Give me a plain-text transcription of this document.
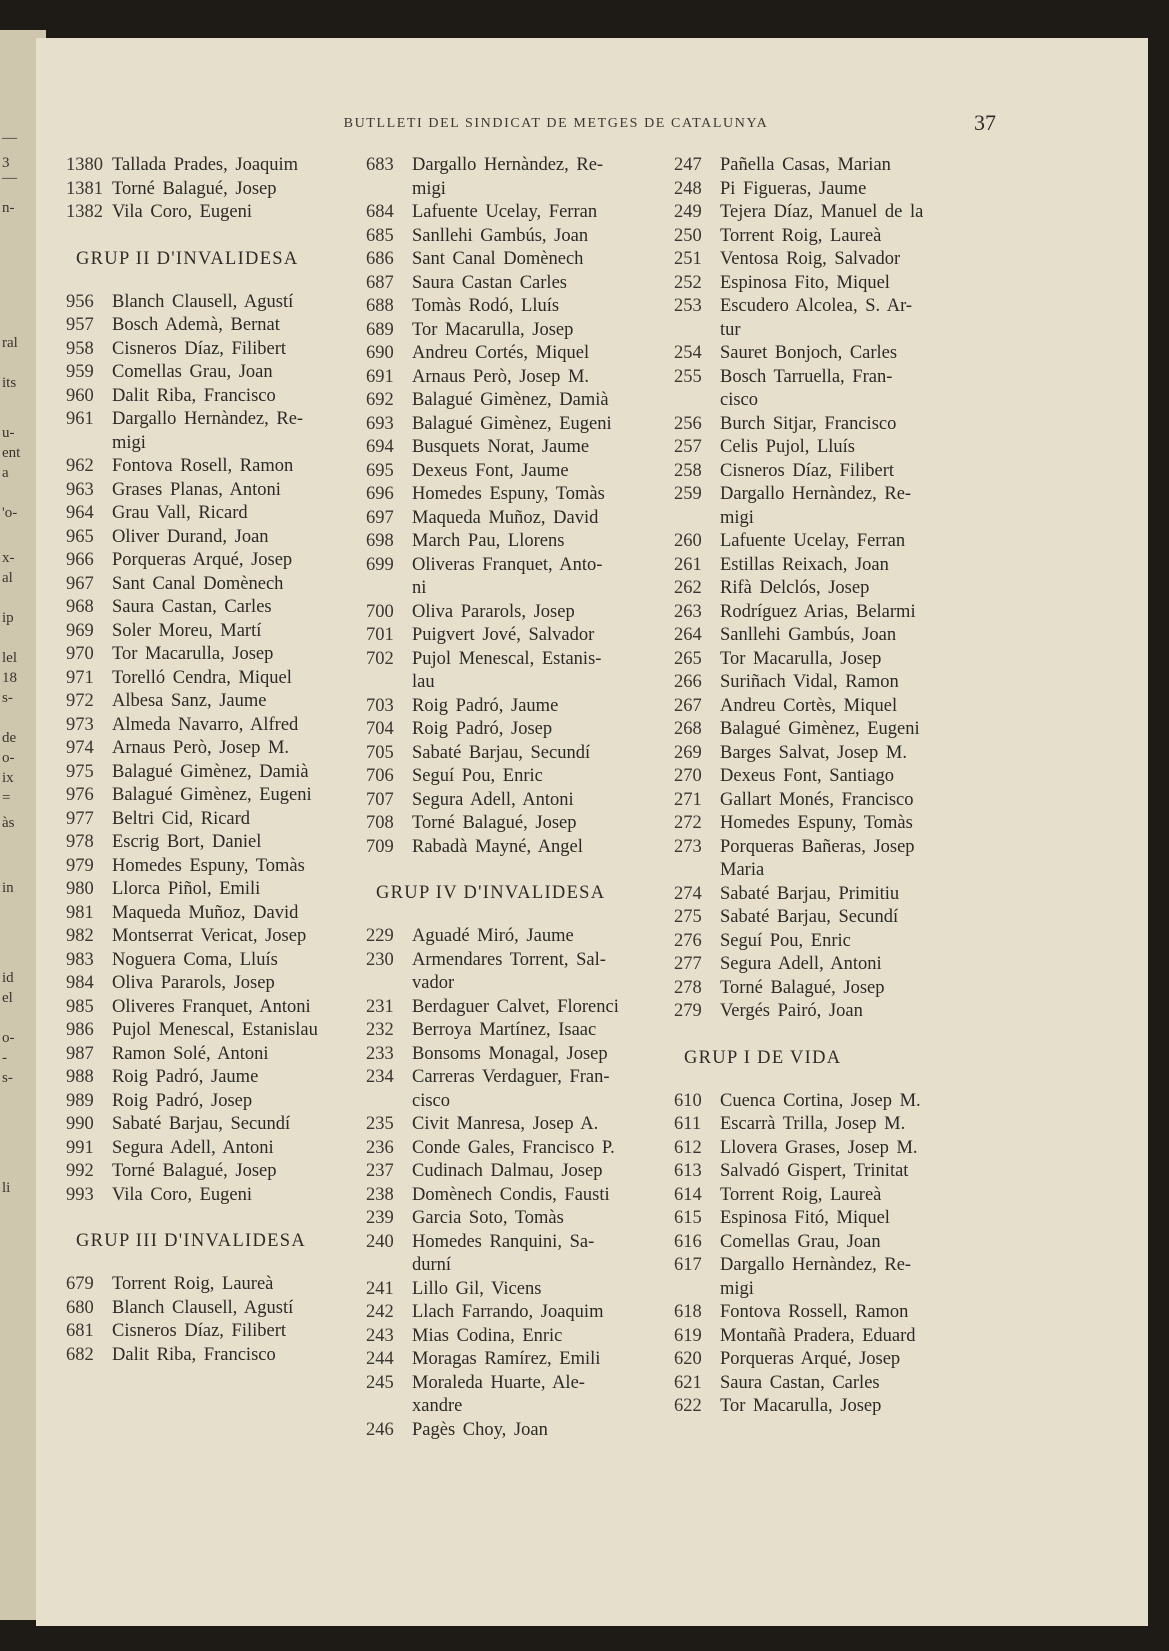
—
3
—
n-
ral
its
u-
ent
a
'o-
x-
al
ip
lel
18
s-
de
o-
ix
=
às
in
id
el
o-
-
s-
li
BUTLLETI DEL SINDICAT DE METGES DE CATALUNYA	37
1380 Tallada Prades, Joaquim
1381 Torné Balagué, Josep
1382 Vila Coro, Eugeni
GRUP II D'INVALIDESA
956 Blanch Clausell, Agustí
957 Bosch Ademà, Bernat
958 Cisneros Díaz, Filibert
959 Comellas Grau, Joan
960 Dalit Riba, Francisco
961 Dargallo Hernàndez, Re-
migi
962 Fontova Rosell, Ramon
963 Grases Planas, Antoni
964 Grau Vall, Ricard
965 Oliver Durand, Joan
966 Porqueras Arqué, Josep
967 Sant Canal Domènech
968 Saura Castan, Carles
969 Soler Moreu, Martí
970 Tor Macarulla, Josep
971 Torelló Cendra, Miquel
972 Albesa Sanz, Jaume
973 Almeda Navarro, Alfred
974 Arnaus Però, Josep M.
975 Balagué Gimènez, Damià
976 Balagué Gimènez, Eugeni
977 Beltri Cid, Ricard
978 Escrig Bort, Daniel
979 Homedes Espuny, Tomàs
980 Llorca Piñol, Emili
981 Maqueda Muñoz, David
982 Montserrat Vericat, Josep
983 Noguera Coma, Lluís
984 Oliva Pararols, Josep
985 Oliveres Franquet, Antoni
986 Pujol Menescal, Estanislau
987 Ramon Solé, Antoni
988 Roig Padró, Jaume
989 Roig Padró, Josep
990 Sabaté Barjau, Secundí
991 Segura Adell, Antoni
992 Torné Balagué, Josep
993 Vila Coro, Eugeni
GRUP III D'INVALIDESA
679 Torrent Roig, Laureà
680 Blanch Clausell, Agustí
681 Cisneros Díaz, Filibert
682 Dalit Riba, Francisco
683 Dargallo Hernàndez, Re-
migi
684 Lafuente Ucelay, Ferran
685 Sanllehi Gambús, Joan
686 Sant Canal Domènech
687 Saura Castan Carles
688 Tomàs Rodó, Lluís
689 Tor Macarulla, Josep
690 Andreu Cortés, Miquel
691 Arnaus Però, Josep M.
692 Balagué Gimènez, Damià
693 Balagué Gimènez, Eugeni
694 Busquets Norat, Jaume
695 Dexeus Font, Jaume
696 Homedes Espuny, Tomàs
697 Maqueda Muñoz, David
698 March Pau, Llorens
699 Oliveras Franquet, Anto-
ni
700 Oliva Pararols, Josep
701 Puigvert Jové, Salvador
702 Pujol Menescal, Estanis-
lau
703 Roig Padró, Jaume
704 Roig Padró, Josep
705 Sabaté Barjau, Secundí
706 Seguí Pou, Enric
707 Segura Adell, Antoni
708 Torné Balagué, Josep
709 Rabadà Mayné, Angel
GRUP IV D'INVALIDESA
229 Aguadé Miró, Jaume
230 Armendares Torrent, Sal-
vador
231 Berdaguer Calvet, Florenci
232 Berroya Martínez, Isaac
233 Bonsoms Monagal, Josep
234 Carreras Verdaguer, Fran-
cisco
235 Civit Manresa, Josep A.
236 Conde Gales, Francisco P.
237 Cudinach Dalmau, Josep
238 Domènech Condis, Fausti
239 Garcia Soto, Tomàs
240 Homedes Ranquini, Sa-
durní
241 Lillo Gil, Vicens
242 Llach Farrando, Joaquim
243 Mias Codina, Enric
244 Moragas Ramírez, Emili
245 Moraleda Huarte, Ale-
xandre
246 Pagès Choy, Joan
247 Pañella Casas, Marian
248 Pi Figueras, Jaume
249 Tejera Díaz, Manuel de la
250 Torrent Roig, Laureà
251 Ventosa Roig, Salvador
252 Espinosa Fito, Miquel
253 Escudero Alcolea, S. Ar-
tur
254 Sauret Bonjoch, Carles
255 Bosch Tarruella, Fran-
cisco
256 Burch Sitjar, Francisco
257 Celis Pujol, Lluís
258 Cisneros Díaz, Filibert
259 Dargallo Hernàndez, Re-
migi
260 Lafuente Ucelay, Ferran
261 Estillas Reixach, Joan
262 Rifà Delclós, Josep
263 Rodríguez Arias, Belarmi
264 Sanllehi Gambús, Joan
265 Tor Macarulla, Josep
266 Suriñach Vidal, Ramon
267 Andreu Cortès, Miquel
268 Balagué Gimènez, Eugeni
269 Barges Salvat, Josep M.
270 Dexeus Font, Santiago
271 Gallart Monés, Francisco
272 Homedes Espuny, Tomàs
273 Porqueras Bañeras, Josep
Maria
274 Sabaté Barjau, Primitiu
275 Sabaté Barjau, Secundí
276 Seguí Pou, Enric
277 Segura Adell, Antoni
278 Torné Balagué, Josep
279 Vergés Pairó, Joan
GRUP I DE VIDA
610 Cuenca Cortina, Josep M.
611	Escarrà Trilla, Josep M.
612 Llovera Grases, Josep M.
613 Salvadó Gispert, Trinitat
614 Torrent Roig, Laureà
615 Espinosa Fitó, Miquel
616 Comellas Grau, Joan
617 Dargallo Hernàndez, Re-
migi
618 Fontova Rossell, Ramon
619 Montañà Pradera, Eduard
620 Porqueras Arqué, Josep
621 Saura Castan, Carles
622 Tor Macarulla, Josep
